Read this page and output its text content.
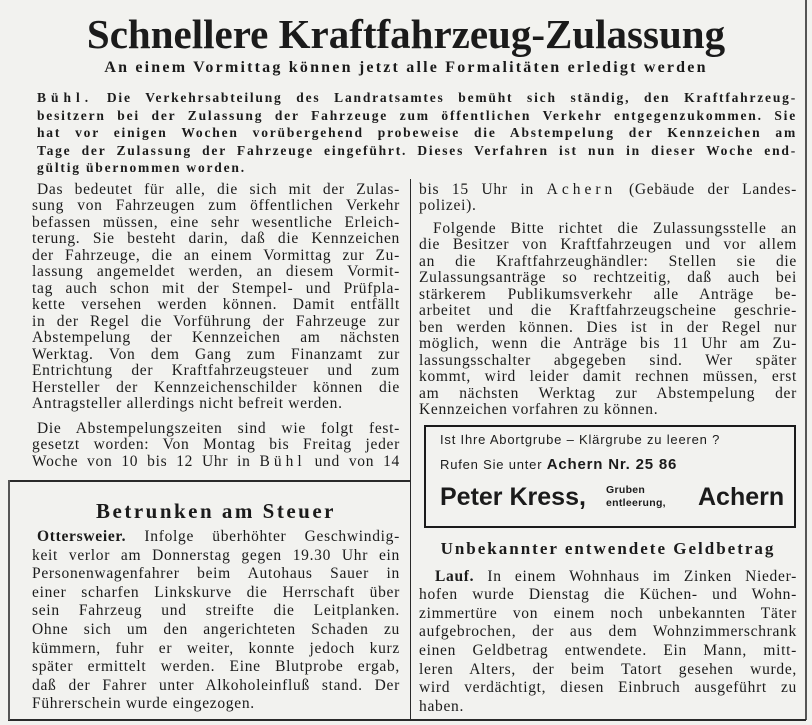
Schnellere Kraftfahrzeug-Zulassung
An einem Vormittag können jetzt alle Formalitäten erledigt werden
Bühl. Die Verkehrsabteilung des Landratsamtes bemüht sich ständig, den Kraftfahrzeug-
besitzern bei der Zulassung der Fahrzeuge zum öffentlichen Verkehr entgegenzukommen. Sie
hat vor einigen Wochen vorübergehend probeweise die Abstempelung der Kennzeichen am
Tage der Zulassung der Fahrzeuge eingeführt. Dieses Verfahren ist nun in dieser Woche end-
gültig übernommen worden.
Das bedeutet für alle, die sich mit der Zulas-
sung von Fahrzeugen zum öffentlichen Verkehr
befassen müssen, eine sehr wesentliche Erleich-
terung. Sie besteht darin, daß die Kennzeichen
der Fahrzeuge, die an einem Vormittag zur Zu-
lassung angemeldet werden, an diesem Vormit-
tag auch schon mit der Stempel- und Prüfpla-
kette versehen werden können. Damit entfällt
in der Regel die Vorführung der Fahrzeuge zur
Abstempelung der Kennzeichen am nächsten
Werktag. Von dem Gang zum Finanzamt zur
Entrichtung der Kraftfahrzeugsteuer und zum
Hersteller der Kennzeichenschilder können die
Antragsteller allerdings nicht befreit werden.
Die Abstempelungszeiten sind wie folgt fest-
gesetzt worden: Von Montag bis Freitag jeder
Woche von 10 bis 12 Uhr in Bühl und von 14
bis 15 Uhr in Achern (Gebäude der Landes-
polizei).
Folgende Bitte richtet die Zulassungsstelle an
die Besitzer von Kraftfahrzeugen und vor allem
an die Kraftfahrzeughändler: Stellen sie die
Zulassungsanträge so rechtzeitig, daß auch bei
stärkerem Publikumsverkehr alle Anträge be-
arbeitet und die Kraftfahrzeugscheine geschrie-
ben werden können. Dies ist in der Regel nur
möglich, wenn die Anträge bis 11 Uhr am Zu-
lassungsschalter abgegeben sind. Wer später
kommt, wird leider damit rechnen müssen, erst
am nächsten Werktag zur Abstempelung der
Kennzeichen vorfahren zu können.
Ist Ihre Abortgrube – Klärgrube zu leeren ?
Rufen Sie unter Achern Nr. 25 86
Peter Kress, Gruben
entleerung, Achern
Betrunken am Steuer
Ottersweier. Infolge überhöhter Geschwindig-
keit verlor am Donnerstag gegen 19.30 Uhr ein
Personenwagenfahrer beim Autohaus Sauer in
einer scharfen Linkskurve die Herrschaft über
sein Fahrzeug und streifte die Leitplanken.
Ohne sich um den angerichteten Schaden zu
kümmern, fuhr er weiter, konnte jedoch kurz
später ermittelt werden. Eine Blutprobe ergab,
daß der Fahrer unter Alkoholeinfluß stand. Der
Führerschein wurde eingezogen.
Unbekannter entwendete Geldbetrag
Lauf. In einem Wohnhaus im Zinken Nieder-
hofen wurde Dienstag die Küchen- und Wohn-
zimmertüre von einem noch unbekannten Täter
aufgebrochen, der aus dem Wohnzimmerschrank
einen Geldbetrag entwendete. Ein Mann, mitt-
leren Alters, der beim Tatort gesehen wurde,
wird verdächtigt, diesen Einbruch ausgeführt zu
haben.
